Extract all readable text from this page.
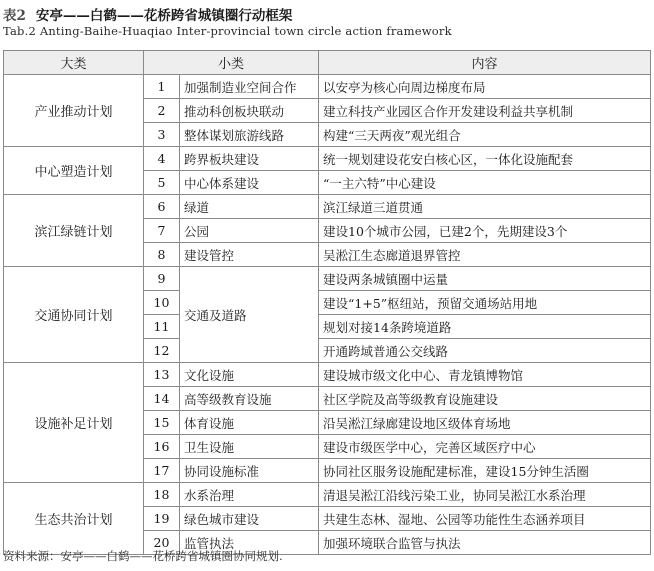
表2 安亭——白鹤——花桥跨省城镇圈行动框架
Tab.2 Anting-Baihe-Huaqiao Inter-provincial town circle action framework
大类	小类		内容
产业推动计划	1	加强制造业空间合作	以安亭为核心向周边梯度布局
	2	推动科创板块联动	建立科技产业园区合作开发建设利益共享机制
	3	整体谋划旅游线路	构建“三天两夜”观光组合
中心塑造计划	4	跨界板块建设	统一规划建设花安白核心区，一体化设施配套
	5	中心体系建设	“一主六特”中心建设
滨江绿链计划	6	绿道	滨江绿道三道贯通
	7	公园	建设10个城市公园，已建2个，先期建设3个
	8	建设管控	吴淞江生态廊道退界管控
交通协同计划	9	交通及道路	建设两条城镇圈中运量
	10		建设“1+5”枢纽站，预留交通场站用地
	11		规划对接14条跨境道路
	12		开通跨域普通公交线路
设施补足计划	13	文化设施	建设城市级文化中心、青龙镇博物馆
	14	高等级教育设施	社区学院及高等级教育设施建设
	15	体育设施	沿吴淞江绿廊建设地区级体育场地
	16	卫生设施	建设市级医学中心，完善区域医疗中心
	17	协同设施标准	协同社区服务设施配建标准，建设15分钟生活圈
生态共治计划	18	水系治理	清退吴淞江沿线污染工业，协同吴淞江水系治理
	19	绿色城市建设	共建生态林、湿地、公园等功能性生态涵养项目
	20	监管执法	加强环境联合监管与执法
资料来源：安亭——白鹤——花桥跨省城镇圈协同规划.
